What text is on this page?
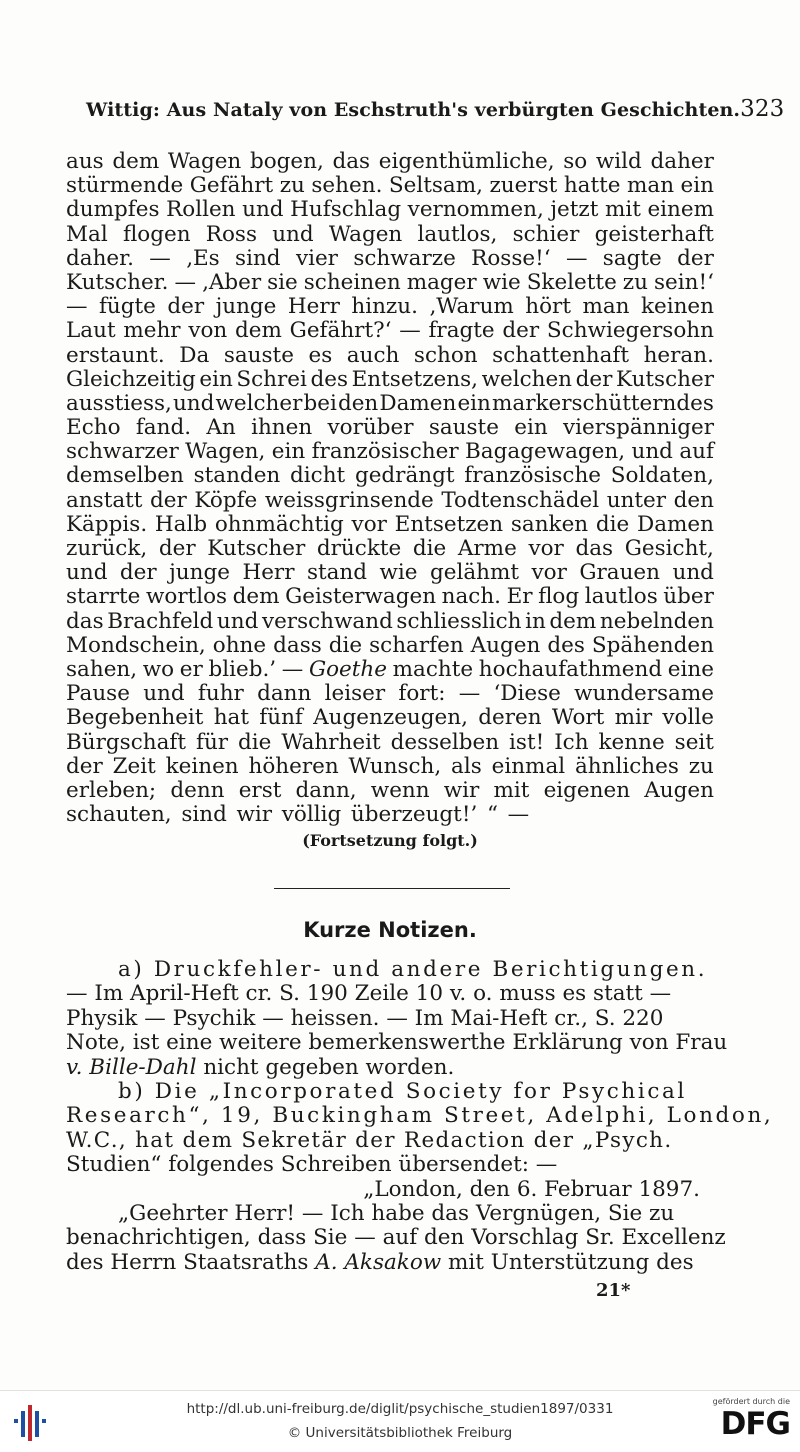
Wittig: Aus Nataly von Eschstruth's verbürgten Geschichten. 323
aus dem Wagen bogen, das eigenthümliche, so wild daher
stürmende Gefährt zu sehen. Seltsam, zuerst hatte man ein
dumpfes Rollen und Hufschlag vernommen, jetzt mit einem
Mal flogen Ross und Wagen lautlos, schier geisterhaft
daher. — ‚Es sind vier schwarze Rosse!‘ — sagte der
Kutscher. — ‚Aber sie scheinen mager wie Skelette zu sein!‘
— fügte der junge Herr hinzu. ‚Warum hört man keinen
Laut mehr von dem Gefährt?‘ — fragte der Schwiegersohn
erstaunt. Da sauste es auch schon schattenhaft heran.
Gleichzeitig ein Schrei des Entsetzens, welchen der Kutscher
ausstiess, und welcher bei den Damen ein markerschütterndes
Echo fand. An ihnen vorüber sauste ein vierspänniger
schwarzer Wagen, ein französischer Bagagewagen, und auf
demselben standen dicht gedrängt französische Soldaten,
anstatt der Köpfe weissgrinsende Todtenschädel unter den
Käppis. Halb ohnmächtig vor Entsetzen sanken die Damen
zurück, der Kutscher drückte die Arme vor das Gesicht,
und der junge Herr stand wie gelähmt vor Grauen und
starrte wortlos dem Geisterwagen nach. Er flog lautlos über
das Brachfeld und verschwand schliesslich in dem nebelnden
Mondschein, ohne dass die scharfen Augen des Spähenden
sahen, wo er blieb.’ — Goethe machte hochaufathmend eine
Pause und fuhr dann leiser fort: — ‘Diese wundersame
Begebenheit hat fünf Augenzeugen, deren Wort mir volle
Bürgschaft für die Wahrheit desselben ist! Ich kenne seit
der Zeit keinen höheren Wunsch, als einmal ähnliches zu
erleben; denn erst dann, wenn wir mit eigenen Augen
schauten, sind wir völlig überzeugt!’ “ —
(Fortsetzung folgt.)
Kurze Notizen.
a) Druckfehler- und andere Berichtigungen.
— Im April-Heft cr. S. 190 Zeile 10 v. o. muss es statt —
Physik — Psychik — heissen. — Im Mai-Heft cr., S. 220
Note, ist eine weitere bemerkenswerthe Erklärung von Frau
v. Bille-Dahl
nicht gegeben worden.
b) Die „Incorporated Society for Psychical
Research“, 19, Buckingham Street, Adelphi, London,
W.C., hat dem Sekretär der Redaction der „Psych.
Studien“ folgendes Schreiben übersendet: —
„London, den 6. Februar 1897.
„Geehrter Herr! — Ich habe das Vergnügen, Sie zu
benachrichtigen, dass Sie — auf den Vorschlag Sr. Excellenz
des Herrn Staatsraths
A. Aksakow
mit Unterstützung des
21*
http://dl.ub.uni-freiburg.de/diglit/psychische_studien1897/0331
© Universitätsbibliothek Freiburg
gefördert durch die
DFG
